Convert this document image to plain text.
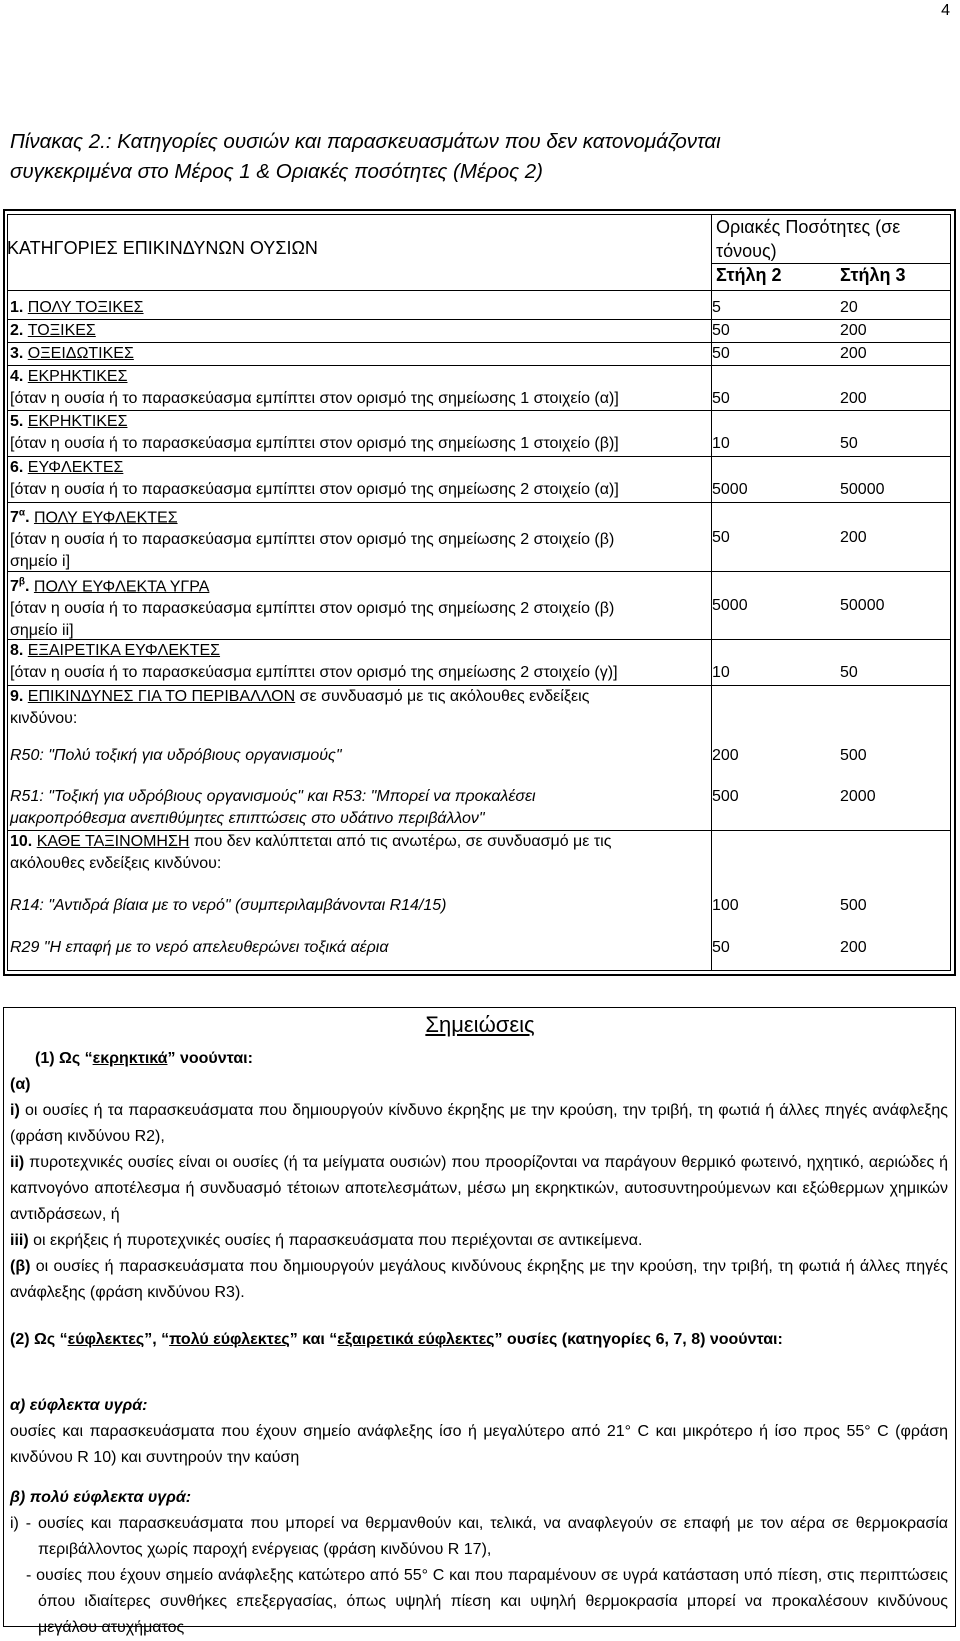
4
Πίνακας 2.: Κατηγορίες ουσιών και παρασκευασμάτων που δεν κατονομάζονται
συγκεκριμένα στο Μέρος 1 & Οριακές ποσότητες (Μέρος 2)
ΚΑΤΗΓΟΡΙΕΣ ΕΠΙΚΙΝΔΥΝΩΝ ΟΥΣΙΩΝ
Οριακές Ποσότητες (σε
τόνους)
Στήλη 2	Στήλη 3
1. ΠΟΛΥ ΤΟΞΙΚΕΣ	5	20
2. ΤΟΞΙΚΕΣ	50	200
3. ΟΞΕΙΔΩΤΙΚΕΣ	50	200
4. ΕΚΡΗΚΤΙΚΕΣ
[όταν η ουσία ή το παρασκεύασμα εμπίπτει στον ορισμό της σημείωσης 1 στοιχείο (α)]	50	200
5. ΕΚΡΗΚΤΙΚΕΣ
[όταν η ουσία ή το παρασκεύασμα εμπίπτει στον ορισμό της σημείωσης 1 στοιχείο (β)]	10	50
6. ΕΥΦΛΕΚΤΕΣ
[όταν η ουσία ή το παρασκεύασμα εμπίπτει στον ορισμό της σημείωσης 2 στοιχείο (α)]	5000	50000
$7^\alpha$. ΠΟΛΥ ΕΥΦΛΕΚΤΕΣ
[όταν η ουσία ή το παρασκεύασμα εμπίπτει στον ορισμό της σημείωσης 2 στοιχείο (β)
σημείο i]
50	200
$7^\beta$. ΠΟΛΥ ΕΥΦΛΕΚΤΑ ΥΓΡΑ
[όταν η ουσία ή το παρασκεύασμα εμπίπτει στον ορισμό της σημείωσης 2 στοιχείο (β)
σημείο ii]
5000	50000
8. ΕΞΑΙΡΕΤΙΚΑ ΕΥΦΛΕΚΤΕΣ
[όταν η ουσία ή το παρασκεύασμα εμπίπτει στον ορισμό της σημείωσης 2 στοιχείο (γ)]	10	50
9. ΕΠΙΚΙΝΔΥΝΕΣ ΓΙΑ ΤΟ ΠΕΡΙΒΑΛΛΟΝ σε συνδυασμό με τις ακόλουθες ενδείξεις
κινδύνου:
R50: "Πολύ τοξική για υδρόβιους οργανισμούς"	200	500
R51: "Τοξική για υδρόβιους οργανισμούς" και R53: "Μπορεί να προκαλέσει
μακροπρόθεσμα ανεπιθύμητες επιπτώσεις στο υδάτινο περιβάλλον"
500	2000
10. ΚΑΘΕ ΤΑΞΙΝΟΜΗΣΗ που δεν καλύπτεται από τις ανωτέρω, σε συνδυασμό με τις
ακόλουθες ενδείξεις κινδύνου:
R14: "Αντιδρά βίαια με το νερό" (συμπεριλαμβάνονται R14/15)	100	500
R29 "Η επαφή με το νερό απελευθερώνει τοξικά αέρια	50	200
Σημειώσεις
(1) Ως “εκρηκτικά” νοούνται:
(α)
i) οι ουσίες ή τα παρασκευάσματα που δημιουργούν κίνδυνο έκρηξης με την κρούση, την τριβή, τη φωτιά ή άλλες πηγές ανάφλεξης (φράση κινδύνου R2),
ii) πυροτεχνικές ουσίες είναι οι ουσίες (ή τα μείγματα ουσιών) που προορίζονται να παράγουν θερμικό φωτεινό, ηχητικό, αεριώδες ή καπνογόνο αποτέλεσμα ή συνδυασμό τέτοιων αποτελεσμάτων, μέσω μη εκρηκτικών, αυτοσυντηρούμενων και εξώθερμων χημικών αντιδράσεων, ή
iii) οι εκρήξεις ή πυροτεχνικές ουσίες ή παρασκευάσματα που περιέχονται σε αντικείμενα.
(β) οι ουσίες ή παρασκευάσματα που δημιουργούν μεγάλους κινδύνους έκρηξης με την κρούση, την τριβή, τη φωτιά ή άλλες πηγές ανάφλεξης (φράση κινδύνου R3).
(2) Ως “εύφλεκτες”, “πολύ εύφλεκτες” και “εξαιρετικά εύφλεκτες” ουσίες (κατηγορίες 6, 7, 8) νοούνται:
α) εύφλεκτα υγρά:
ουσίες και παρασκευάσματα που έχουν σημείο ανάφλεξης ίσο ή μεγαλύτερο από 21° C και μικρότερο ή ίσο προς 55° C (φράση κινδύνου R 10) και συντηρούν την καύση
β) πολύ εύφλεκτα υγρά:
i) - ουσίες και παρασκευάσματα που μπορεί να θερμανθούν και, τελικά, να αναφλεγούν σε επαφή με τον αέρα σε θερμοκρασία περιβάλλοντος χωρίς παροχή ενέργειας (φράση κινδύνου R 17),
- ουσίες που έχουν σημείο ανάφλεξης κατώτερο από 55° C και που παραμένουν σε υγρά κατάσταση υπό πίεση, στις περιπτώσεις όπου ιδιαίτερες συνθήκες επεξεργασίας, όπως υψηλή πίεση και υψηλή θερμοκρασία μπορεί να προκαλέσουν κινδύνους μεγάλου ατυχήματος
